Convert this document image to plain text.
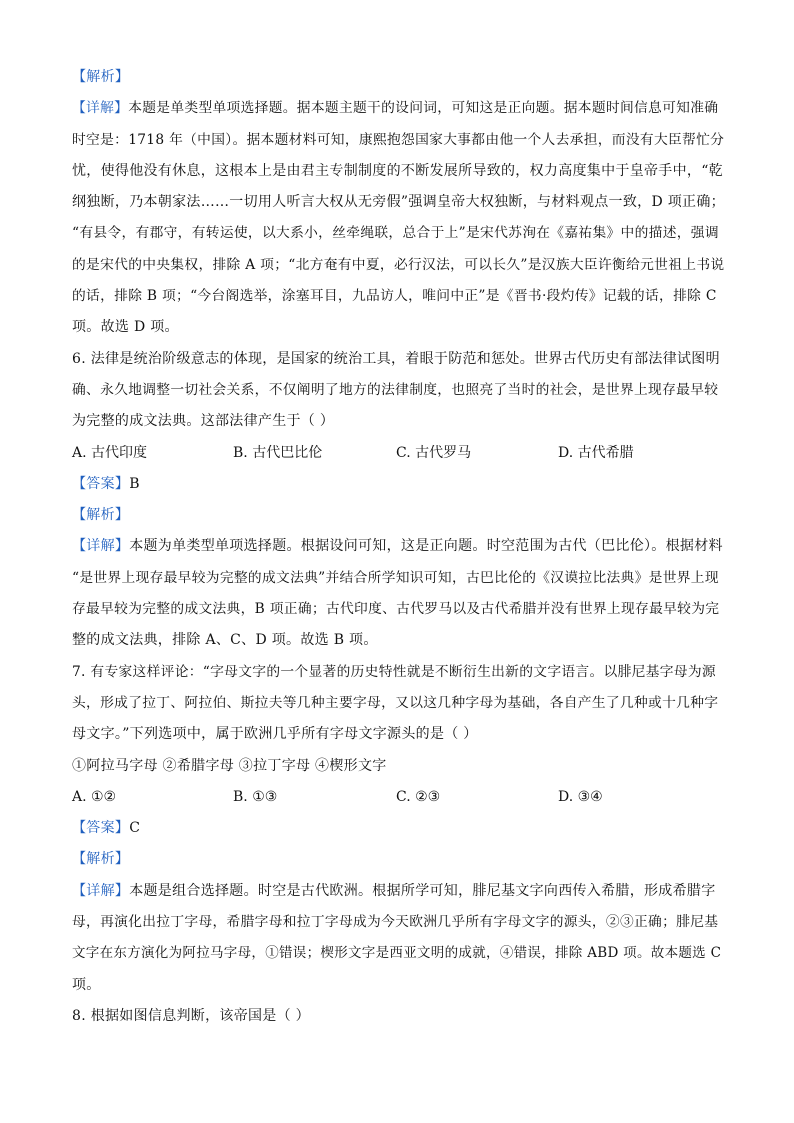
【解析】
【详解】本题是单类型单项选择题。据本题主题干的设问词，可知这是正向题。据本题时间信息可知准确
时空是：1718 年（中国）。据本题材料可知，康熙抱怨国家大事都由他一个人去承担，而没有大臣帮忙分
忧，使得他没有休息，这根本上是由君主专制制度的不断发展所导致的，权力高度集中于皇帝手中，“乾
纲独断，乃本朝家法……一切用人听言大权从无旁假”强调皇帝大权独断，与材料观点一致，D 项正确；
“有县令，有郡守，有转运使，以大系小，丝牵绳联，总合于上”是宋代苏洵在《嘉祐集》中的描述，强调
的是宋代的中央集权，排除 A 项；“北方奄有中夏，必行汉法，可以长久”是汉族大臣许衡给元世祖上书说
的话，排除 B 项；“今台阁选举，涂塞耳目，九品访人，唯问中正”是《晋书·段灼传》记载的话，排除 C
项。故选 D 项。
6. 法律是统治阶级意志的体现，是国家的统治工具，着眼于防范和惩处。世界古代历史有部法律试图明
确、永久地调整一切社会关系，不仅阐明了地方的法律制度，也照亮了当时的社会，是世界上现存最早较
为完整的成文法典。这部法律产生于（ ）
A. 古代印度	B. 古代巴比伦	C. 古代罗马	D. 古代希腊
【答案】B
【解析】
【详解】本题为单类型单项选择题。根据设问可知，这是正向题。时空范围为古代（巴比伦）。根据材料
“是世界上现存最早较为完整的成文法典”并结合所学知识可知，古巴比伦的《汉谟拉比法典》是世界上现
存最早较为完整的成文法典，B 项正确；古代印度、古代罗马以及古代希腊并没有世界上现存最早较为完
整的成文法典，排除 A、C、D 项。故选 B 项。
7. 有专家这样评论：“字母文字的一个显著的历史特性就是不断衍生出新的文字语言。以腓尼基字母为源
头，形成了拉丁、阿拉伯、斯拉夫等几种主要字母，又以这几种字母为基础，各自产生了几种或十几种字
母文字。”下列选项中，属于欧洲几乎所有字母文字源头的是（ ）
①阿拉马字母 ②希腊字母 ③拉丁字母 ④楔形文字
A. ①②	B. ①③	C. ②③	D. ③④
【答案】C
【解析】
【详解】本题是组合选择题。时空是古代欧洲。根据所学可知，腓尼基文字向西传入希腊，形成希腊字
母，再演化出拉丁字母，希腊字母和拉丁字母成为今天欧洲几乎所有字母文字的源头，②③正确；腓尼基
文字在东方演化为阿拉马字母，①错误；楔形文字是西亚文明的成就，④错误，排除 ABD 项。故本题选 C
项。
8. 根据如图信息判断，该帝国是（ ）
